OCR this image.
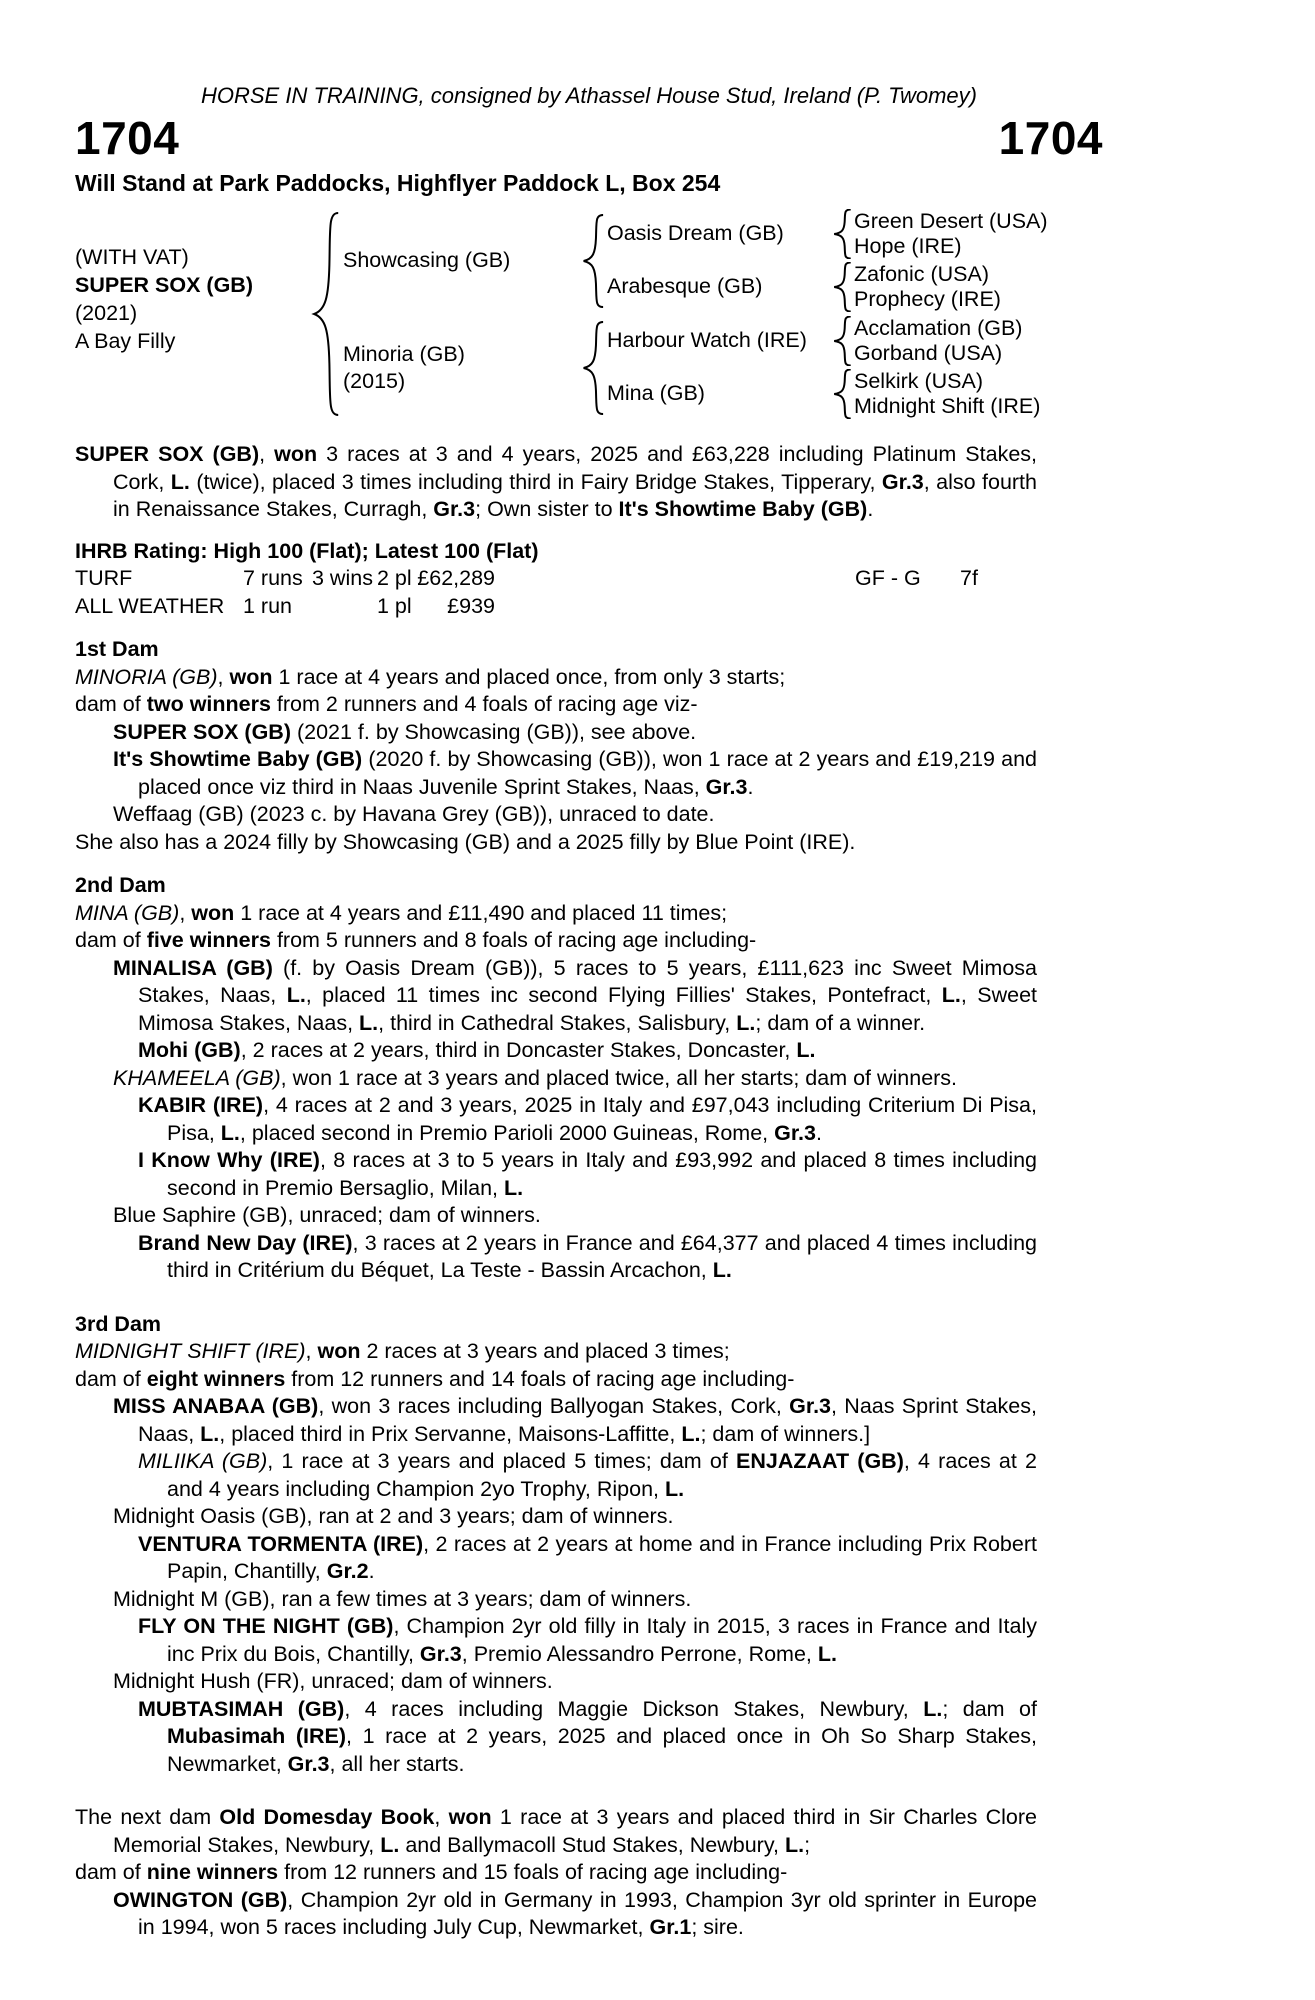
HORSE IN TRAINING, consigned by Athassel House Stud, Ireland (P. Twomey)
1704	1704
Will Stand at Park Paddocks, Highflyer Paddock L, Box 254
(WITH VAT)
SUPER SOX (GB)
(2021)
A Bay Filly
Showcasing (GB)
Oasis Dream (GB)
Green Desert (USA)
Hope (IRE)
Arabesque (GB)
Zafonic (USA)
Prophecy (IRE)
Minoria (GB)
(2015)
Harbour Watch (IRE)
Acclamation (GB)
Gorband (USA)
Mina (GB)
Selkirk (USA)
Midnight Shift (IRE)
SUPER SOX (GB), won 3 races at 3 and 4 years, 2025 and £63,228 including Platinum Stakes, Cork, L. (twice), placed 3 times including third in Fairy Bridge Stakes, Tipperary, Gr.3, also fourth in Renaissance Stakes, Curragh, Gr.3; Own sister to It's Showtime Baby (GB).
IHRB Rating: High 100 (Flat); Latest 100 (Flat)
TURF	7 runs 3 wins 2 pl £62,289	GF - G 7f
ALL WEATHER 1 run	1 pl	£939
1st Dam
MINORIA (GB), won 1 race at 4 years and placed once, from only 3 starts;
dam of two winners from 2 runners and 4 foals of racing age viz-
SUPER SOX (GB) (2021 f. by Showcasing (GB)), see above.
It's Showtime Baby (GB) (2020 f. by Showcasing (GB)), won 1 race at 2 years and £19,219 and placed once viz third in Naas Juvenile Sprint Stakes, Naas, Gr.3.
Weffaag (GB) (2023 c. by Havana Grey (GB)), unraced to date.
She also has a 2024 filly by Showcasing (GB) and a 2025 filly by Blue Point (IRE).
2nd Dam
MINA (GB), won 1 race at 4 years and £11,490 and placed 11 times;
dam of five winners from 5 runners and 8 foals of racing age including-
MINALISA (GB) (f. by Oasis Dream (GB)), 5 races to 5 years, £111,623 inc Sweet Mimosa Stakes, Naas, L., placed 11 times inc second Flying Fillies' Stakes, Pontefract, L., Sweet Mimosa Stakes, Naas, L., third in Cathedral Stakes, Salisbury, L.; dam of a winner.
Mohi (GB), 2 races at 2 years, third in Doncaster Stakes, Doncaster, L.
KHAMEELA (GB), won 1 race at 3 years and placed twice, all her starts; dam of winners.
KABIR (IRE), 4 races at 2 and 3 years, 2025 in Italy and £97,043 including Criterium Di Pisa, Pisa, L., placed second in Premio Parioli 2000 Guineas, Rome, Gr.3.
I Know Why (IRE), 8 races at 3 to 5 years in Italy and £93,992 and placed 8 times including second in Premio Bersaglio, Milan, L.
Blue Saphire (GB), unraced; dam of winners.
Brand New Day (IRE), 3 races at 2 years in France and £64,377 and placed 4 times including third in Critérium du Béquet, La Teste - Bassin Arcachon, L.
3rd Dam
MIDNIGHT SHIFT (IRE), won 2 races at 3 years and placed 3 times;
dam of eight winners from 12 runners and 14 foals of racing age including-
MISS ANABAA (GB), won 3 races including Ballyogan Stakes, Cork, Gr.3, Naas Sprint Stakes, Naas, L., placed third in Prix Servanne, Maisons-Laffitte, L.; dam of winners.]
MILIIKA (GB), 1 race at 3 years and placed 5 times; dam of ENJAZAAT (GB), 4 races at 2 and 4 years including Champion 2yo Trophy, Ripon, L.
Midnight Oasis (GB), ran at 2 and 3 years; dam of winners.
VENTURA TORMENTA (IRE), 2 races at 2 years at home and in France including Prix Robert Papin, Chantilly, Gr.2.
Midnight M (GB), ran a few times at 3 years; dam of winners.
FLY ON THE NIGHT (GB), Champion 2yr old filly in Italy in 2015, 3 races in France and Italy inc Prix du Bois, Chantilly, Gr.3, Premio Alessandro Perrone, Rome, L.
Midnight Hush (FR), unraced; dam of winners.
MUBTASIMAH (GB), 4 races including Maggie Dickson Stakes, Newbury, L.; dam of Mubasimah (IRE), 1 race at 2 years, 2025 and placed once in Oh So Sharp Stakes, Newmarket, Gr.3, all her starts.
The next dam Old Domesday Book, won 1 race at 3 years and placed third in Sir Charles Clore Memorial Stakes, Newbury, L. and Ballymacoll Stud Stakes, Newbury, L.;
dam of nine winners from 12 runners and 15 foals of racing age including-
OWINGTON (GB), Champion 2yr old in Germany in 1993, Champion 3yr old sprinter in Europe in 1994, won 5 races including July Cup, Newmarket, Gr.1; sire.
